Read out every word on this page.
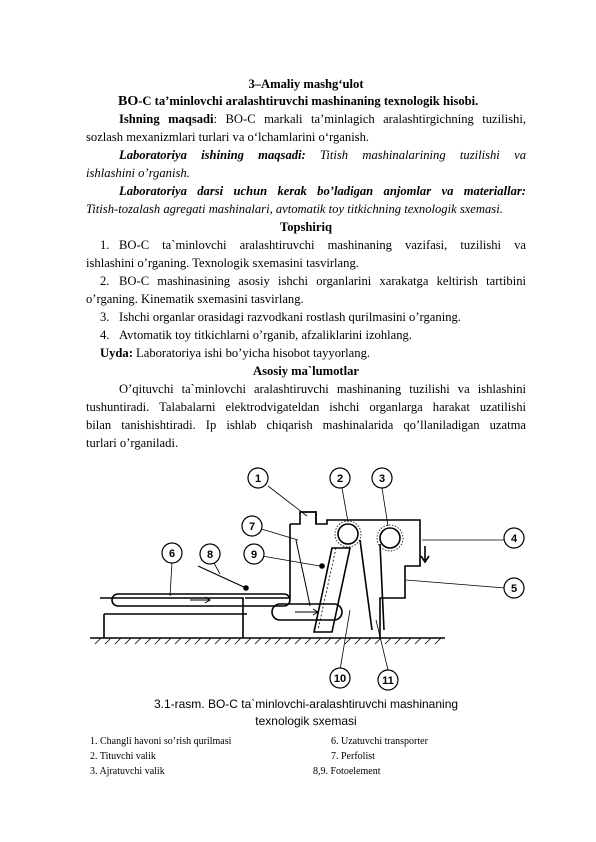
3–Amaliy mashg‘ulot
BO-C ta’minlovchi aralashtiruvchi mashinaning texnologik hisobi.
Ishning maqsadi: BO-C markali ta’minlagich aralashtirgichning tuzilishi,
sozlash mexanizmlari turlari va o‘lchamlarini o‘rganish.
Laboratoriya ishining maqsadi: Titish mashinalarining tuzilishi va
ishlashini o’rganish.
Laboratoriya darsi uchun kerak bo’ladigan anjomlar va materiallar:
Titish-tozalash agregati mashinalari, avtomatik toy titkichning texnologik sxemasi.
Topshiriq
1. BO-C ta`minlovchi aralashtiruvchi mashinaning vazifasi, tuzilishi va
ishlashini o’rganing. Texnologik sxemasini tasvirlang.
2. BO-C mashinasining asosiy ishchi organlarini xarakatga keltirish tartibini
o’rganing. Kinematik sxemasini tasvirlang.
3. Ishchi organlar orasidagi razvodkani rostlash qurilmasini o’rganing.
4. Avtomatik toy titkichlarni o’rganib, afzaliklarini izohlang.
Uyda: Laboratoriya ishi bo’yicha hisobot tayyorlang.
Asosiy ma`lumotlar
O’qituvchi ta`minlovchi aralashtiruvchi mashinaning tuzilishi va ishlashini
tushuntiradi. Talabalarni elektrodvigateldan ishchi organlarga harakat uzatilishi
bilan tanishishtiradi. Ip ishlab chiqarish mashinalarida qo’llaniladigan uzatma
turlari o’rganiladi.
1	2	3
4
5
6
7
8	9
10	11
3.1-rasm. BO-C ta`minlovchi-aralashtiruvchi mashinaning
texnologik sxemasi
1. Changli havoni so’rish qurilmasi
2. Tituvchi valik
3. Ajratuvchi valik
6. Uzatuvchi transporter
7. Perfolist
8,9. Fotoelement
